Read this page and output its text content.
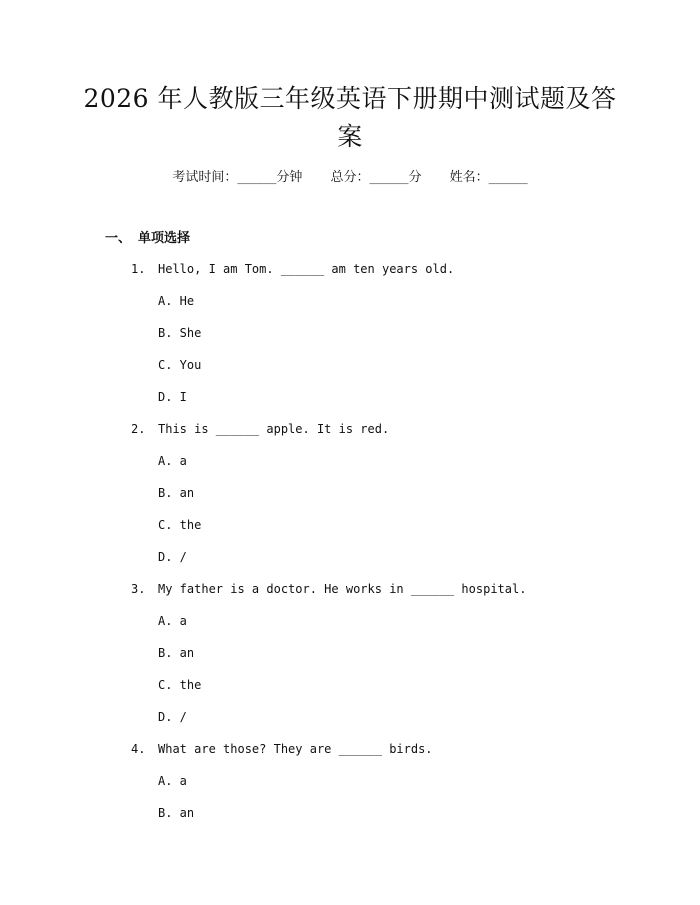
2026 年人教版三年级英语下册期中测试题及答案
考试时间：______分钟 总分：______分 姓名：______
一、 单项选择
1. Hello, I am Tom. ______ am ten years old.
A. He
B. She
C. You
D. I
2. This is ______ apple. It is red.
A. a
B. an
C. the
D. /
3. My father is a doctor. He works in ______ hospital.
A. a
B. an
C. the
D. /
4. What are those? They are ______ birds.
A. a
B. an
